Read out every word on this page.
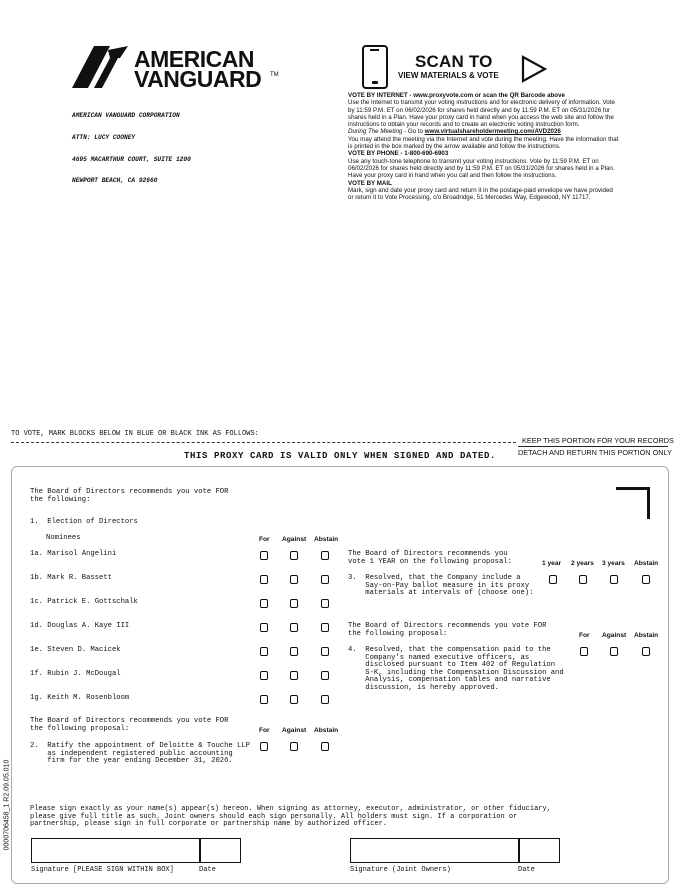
AMERICAN
VANGUARD TM

AMERICAN VANGUARD CORPORATION

ATTN: LUCY COONEY

4695 MACARTHUR COURT, SUITE 1200

NEWPORT BEACH, CA 92660

SCAN TO
VIEW MATERIALS & VOTE
VOTE BY INTERNET - www.proxyvote.com or scan the QR Barcode above
Use the Internet to transmit your voting instructions and for electronic delivery of information. Vote by 11:59 P.M. ET on 06/02/2026 for shares held directly and by 11:59 P.M. ET on 05/31/2026 for shares held in a Plan. Have your proxy card in hand when you access the web site and follow the instructions to obtain your records and to create an electronic voting instruction form.
During The Meeting - Go to www.virtualshareholdermeeting.com/AVD2026
You may attend the meeting via the Internet and vote during the meeting. Have the information that is printed in the box marked by the arrow available and follow the instructions.
VOTE BY PHONE - 1-800-690-6903
Use any touch-tone telephone to transmit your voting instructions. Vote by 11:59 P.M. ET on 06/02/2026 for shares held directly and by 11:59 P.M. ET on 05/31/2026 for shares held in a Plan. Have your proxy card in hand when you call and then follow the instructions.
VOTE BY MAIL
Mark, sign and date your proxy card and return it in the postage-paid envelope we have provided or return it to Vote Processing, c/o Broadridge, 51 Mercedes Way, Edgewood, NY 11717.
TO VOTE, MARK BLOCKS BELOW IN BLUE OR BLACK INK AS FOLLOWS:
KEEP THIS PORTION FOR YOUR RECORDS
DETACH AND RETURN THIS PORTION ONLY
THIS PROXY CARD IS VALID ONLY WHEN SIGNED AND DATED.
The Board of Directors recommends you vote FOR
the following:
1.  Election of Directors
Nominees	For Against Abstain
1a. Marisol Angelini
1b. Mark R. Bassett
1c. Patrick E. Gottschalk
1d. Douglas A. Kaye III
1e. Steven D. Macicek
1f. Rubin J. McDougal
1g. Keith M. Rosenbloom
The Board of Directors recommends you vote FOR
the following proposal:	For Against Abstain
2.  Ratify the appointment of Deloitte & Touche LLP
as independent registered public accounting
firm for the year ending December 31, 2026.
The Board of Directors recommends you
vote 1 YEAR on the following proposal:	1 year 2 years 3 years Abstain
3.  Resolved, that the Company include a
Say-on-Pay ballot measure in its proxy
materials at intervals of (choose one):
The Board of Directors recommends you vote FOR
the following proposal:	For Against Abstain
4.  Resolved, that the compensation paid to the
Company's named executive officers, as
disclosed pursuant to Item 402 of Regulation
S-K, including the Compensation Discussion and
Analysis, compensation tables and narrative
discussion, is hereby approved.
Please sign exactly as your name(s) appear(s) hereon. When signing as attorney, executor, administrator, or other fiduciary,
please give full title as such. Joint owners should each sign personally. All holders must sign. If a corporation or
partnership, please sign in full corporate or partnership name by authorized officer.
Signature [PLEASE SIGN WITHIN BOX]	Date	Signature (Joint Owners)	Date
0000706458_1 R2.09.05.010
